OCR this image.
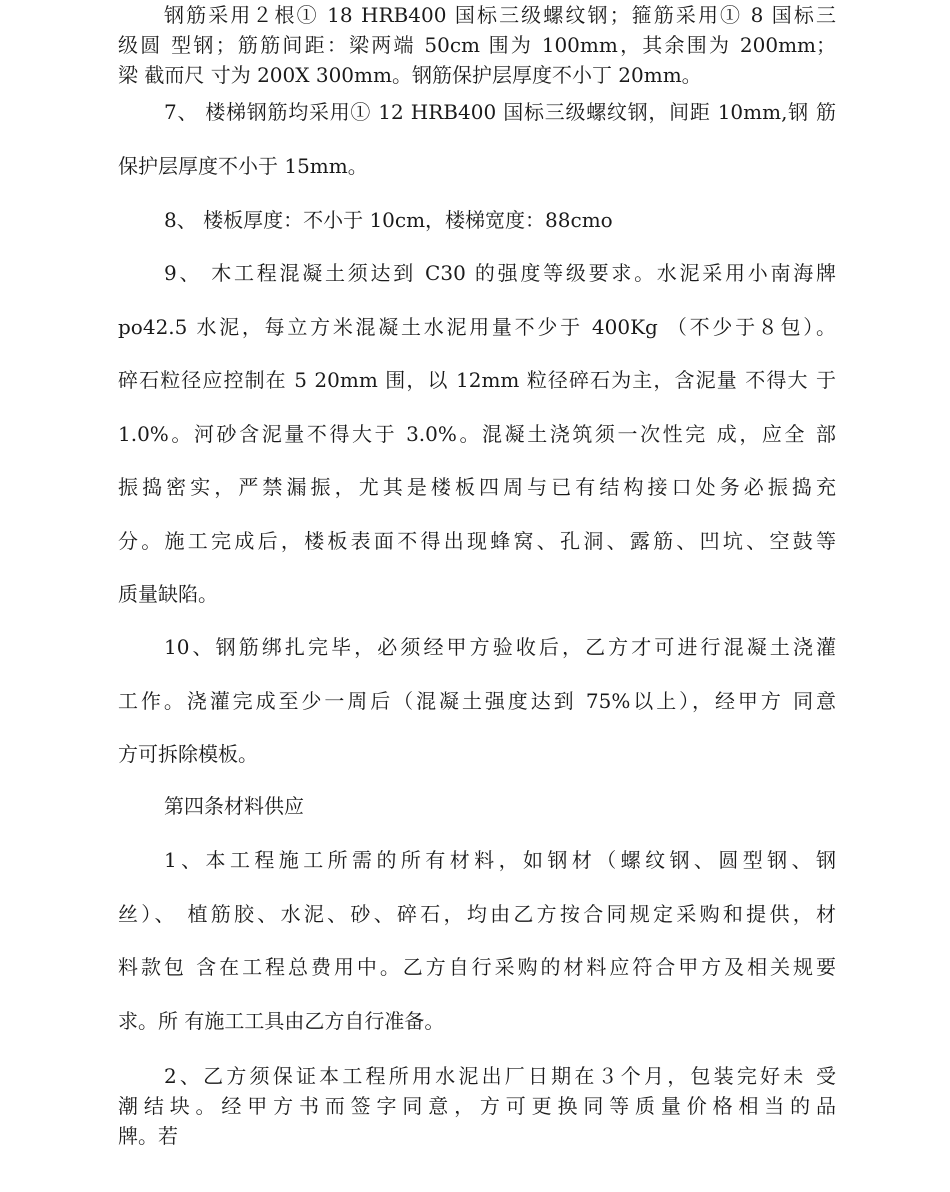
钢筋采用２根① 18 HRB400 国标三级螺纹钢；箍筋采用① 8 国标三
级圆 型钢；筋筋间距：梁两端 50cm 围为 100mm，其余围为 200mm；
梁 截而尺 寸为 200X 300mm。钢筋保护层厚度不小丁 20mm。
7、 楼梯钢筋均采用① 12 HRB400 国标三级螺纹钢，间距 10mm,钢 筋
保护层厚度不小于 15mm。
8、 楼板厚度：不小于 10cm，楼梯宽度：88cmo
9、 木工程混凝土须达到 C30 的强度等级要求。水泥采用小南海牌
po42.5 水泥，每立方米混凝土水泥用量不少于 400Kg （不少于８包）。
碎石粒径应控制在 5 20mm 围，以 12mm 粒径碎石为主，含泥量 不得大 于
1.0%。河砂含泥量不得大于 3.0%。混凝土浇筑须一次性完 成，应全 部
振捣密实，严禁漏振，尤其是楼板四周与已有结构接口处务必振捣充
分。施工完成后，楼板表面不得出现蜂窝、孔洞、露筋、凹坑、空鼓等
质量缺陷。
10、钢筋绑扎完毕，必须经甲方验收后，乙方才可进行混凝土浇灌
工作。浇灌完成至少一周后（混凝土强度达到 75%以上），经甲方 同意
方可拆除模板。
第四条材料供应
1、本工程施工所需的所有材料，如钢材（螺纹钢、圆型钢、钢
丝）、 植筋胶、水泥、砂、碎石，均由乙方按合同规定采购和提供，材
料款包 含在工程总费用中。乙方自行采购的材料应符合甲方及相关规要
求。所 有施工工具由乙方自行准备。
2、乙方须保证本工程所用水泥出厂日期在３个月，包装完好未 受
潮结块。经甲方书而签字同意，方可更换同等质量价格相当的品
牌。若
